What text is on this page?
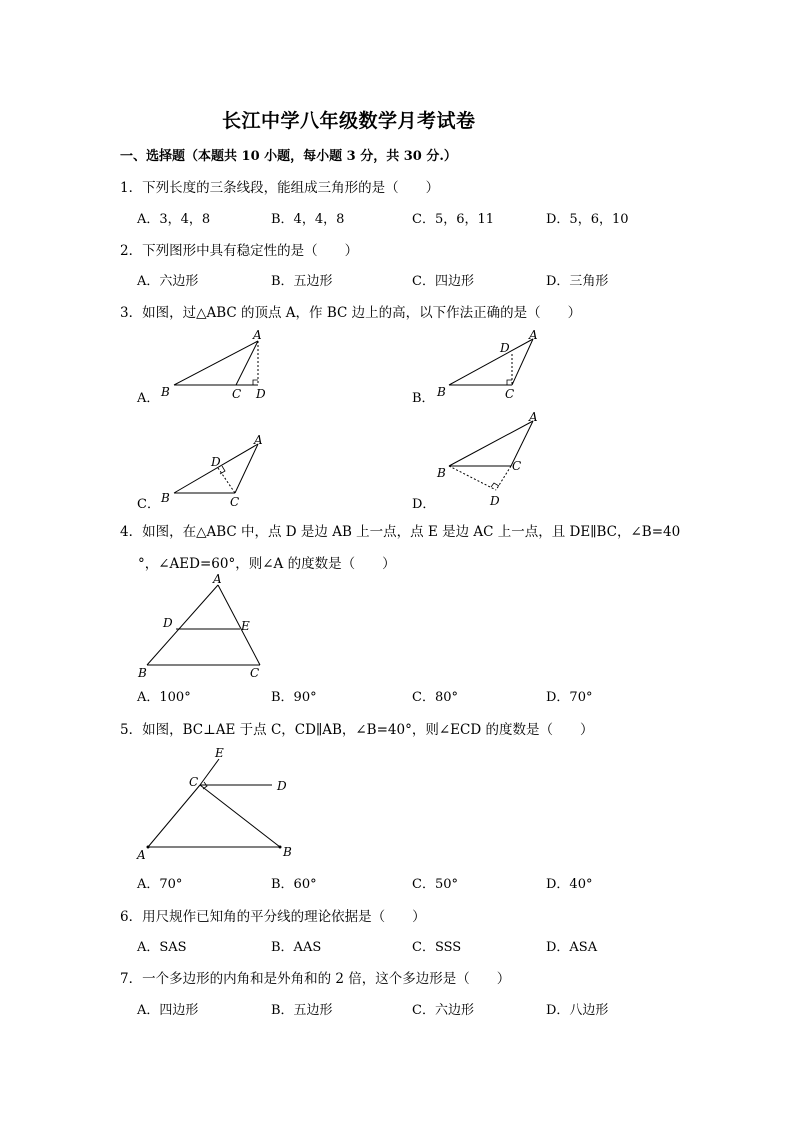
长江中学八年级数学月考试卷
一、选择题（本题共 10 小题，每小题 3 分，共 30 分.）
1．下列长度的三条线段，能组成三角形的是（　　）
A．3，4，8	B．4，4，8	C．5，6，11	D．5，6，10
2．下列图形中具有稳定性的是（　　）
A．六边形	B．五边形	C．四边形	D．三角形
3．如图，过△ABC 的顶点 A，作 BC 边上的高，以下作法正确的是（　　）
A．
A
B	C D	B．
A
D
B	C
C．
A
D
B	C	D．
A
B	C
D
4．如图，在△ABC 中，点 D 是边 AB 上一点，点 E 是边 AC 上一点，且 DE∥BC，∠B=40
°，∠AED=60°，则∠A 的度数是（　　）
A
D	E
B	C
A．100°	B．90°	C．80°	D．70°
5．如图，BC⊥AE 于点 C，CD∥AB，∠B=40°，则∠ECD 的度数是（　　）
E
C	D
A	B
A．70°	B．60°	C．50°	D．40°
6．用尺规作已知角的平分线的理论依据是（　　）
A．SAS	B．AAS	C．SSS	D．ASA
7．一个多边形的内角和是外角和的 2 倍，这个多边形是（　　）
A．四边形	B．五边形	C．六边形	D．八边形
